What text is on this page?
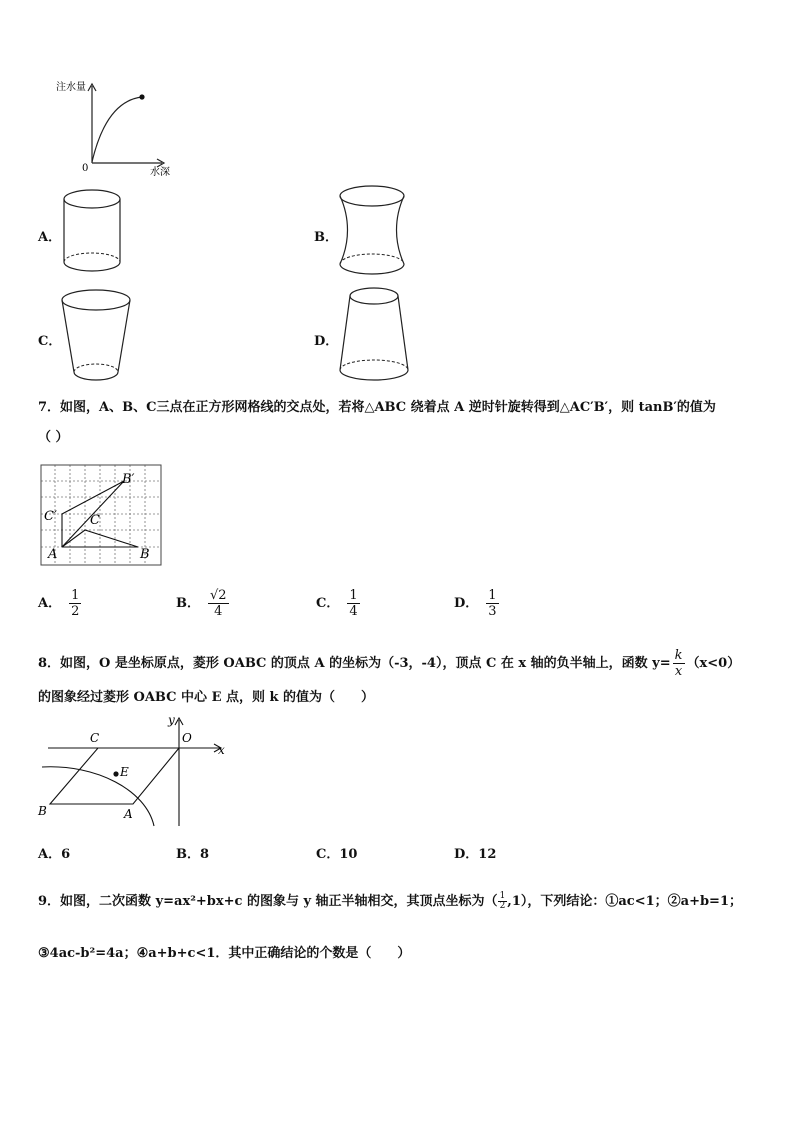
注水量
0	水深
A．	B．
C．	D．
7．如图，A、B、C三点在正方形网格线的交点处，若将△ABC 绕着点 A 逆时针旋转得到△AC′B′，则 tanB′的值为
（ ）
B′
C′	C
A	B
A． $\frac{1}{2}$	B． $\frac{√2}{4}$	C． $\frac{1}{4}$	D． $\frac{1}{3}$
8．如图，O 是坐标原点，菱形 OABC 的顶点 A 的坐标为（-3，-4），顶点 C 在 x 轴的负半轴上，函数 $y= \frac{k}{x} (x<0)$
的图象经过菱形 OABC 中心 E 点，则 k 的值为（　　）
y
x
O
C
E
B	A
A．6	B．8	C．10	D．12
9．如图，二次函数 y=ax²+bx+c 的图象与 y 轴正半轴相交，其顶点坐标为（ $\frac{1}{2} ,1$），下列结论：①ac<1；②a+b=1；
③4ac-b²=4a；④a+b+c<1．其中正确结论的个数是（　　）
